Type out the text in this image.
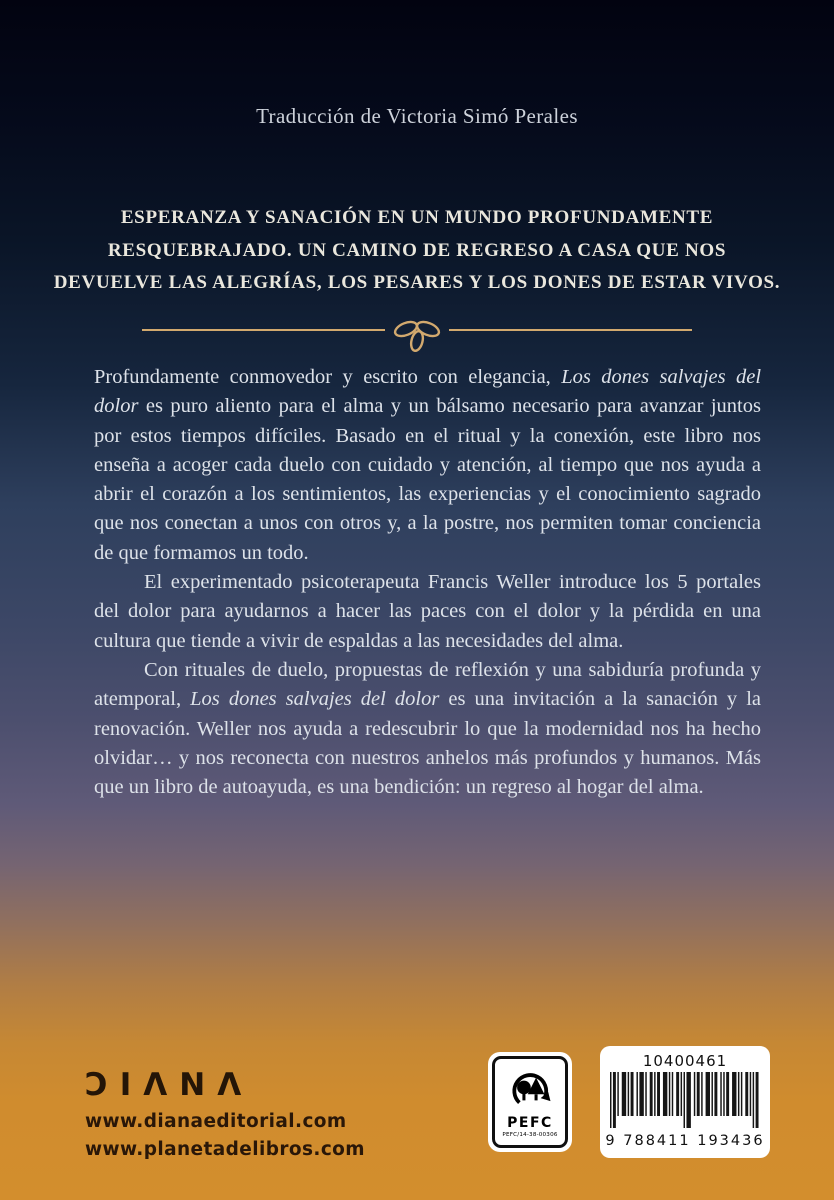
Traducción de Victoria Simó Perales
ESPERANZA Y SANACIÓN EN UN MUNDO PROFUNDAMENTE
RESQUEBRAJADO. UN CAMINO DE REGRESO A CASA QUE NOS
DEVUELVE LAS ALEGRÍAS, LOS PESARES Y LOS DONES DE ESTAR VIVOS.

Profundamente conmovedor y escrito con elegancia, Los dones salvajes del dolor es puro aliento para el alma y un bálsamo necesario para avanzar juntos por estos tiempos difíciles. Basado en el ritual y la conexión, este libro nos enseña a acoger cada duelo con cuidado y atención, al tiempo que nos ayuda a abrir el corazón a los sentimientos, las experiencias y el conocimiento sagrado que nos conectan a unos con otros y, a la postre, nos permiten tomar conciencia de que formamos un todo.

El experimentado psicoterapeuta Francis Weller introduce los 5 portales del dolor para ayudarnos a hacer las paces con el dolor y la pérdida en una cultura que tiende a vivir de espaldas a las necesidades del alma.

Con rituales de duelo, propuestas de reflexión y una sabiduría profunda y atemporal, Los dones salvajes del dolor es una invitación a la sanación y la renovación. Weller nos ayuda a redescubrir lo que la modernidad nos ha hecho olvidar… y nos reconecta con nuestros anhelos más profundos y humanos. Más que un libro de autoayuda, es una bendición: un regreso al hogar del alma.

ƆIΛNΛ
www.dianaeditorial.com
www.planetadelibros.com
PEFC
PEFC/14-38-00306
10400461
9 788411 193436
